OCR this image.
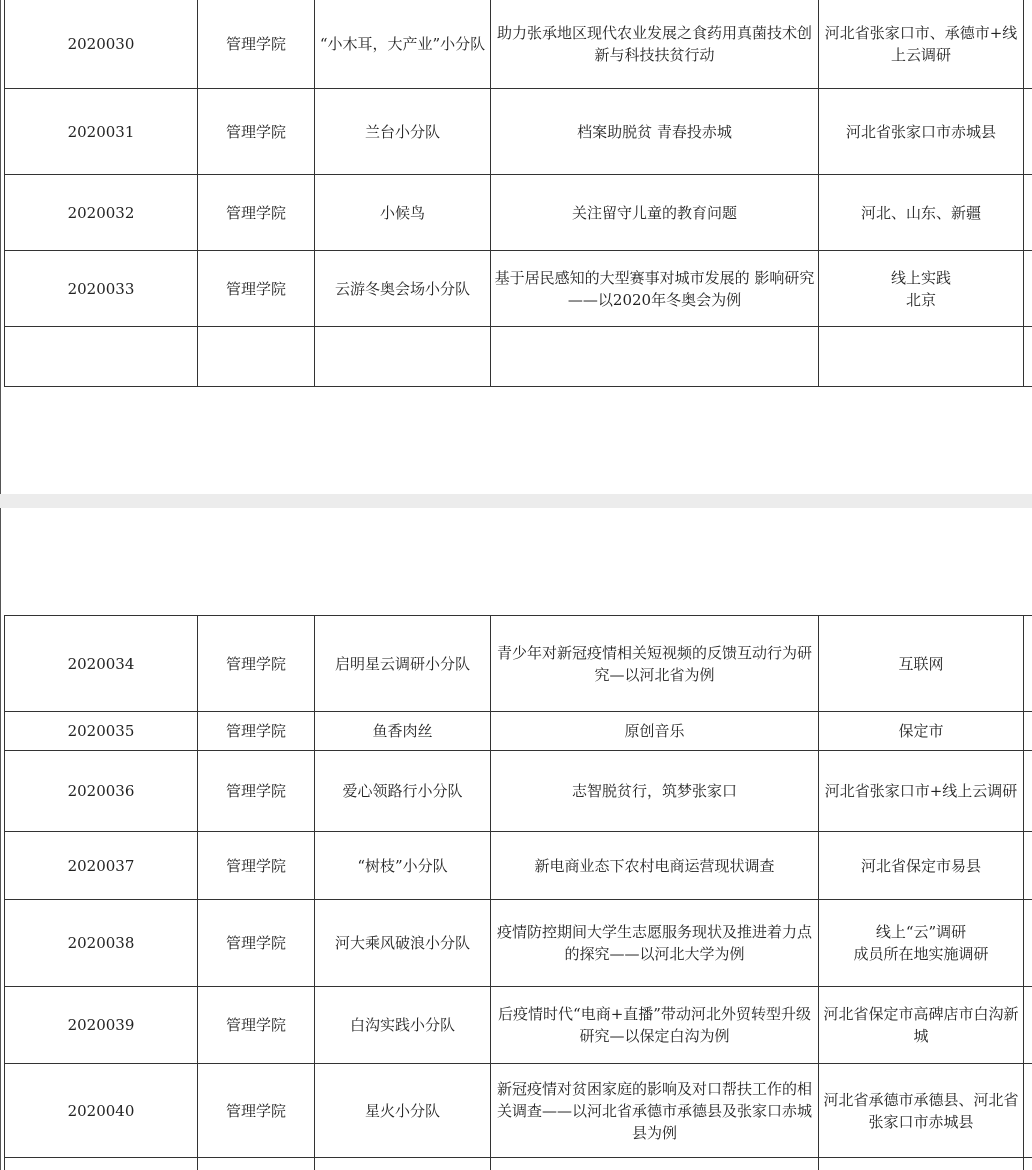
2020030	管理学院	“小木耳，大产业”小分队	助力张承地区现代农业发展之食药用真菌技术创新与科技扶贫行动	河北省张家口市、承德市+线上云调研	
2020031	管理学院	兰台小分队	档案助脱贫 青春投赤城	河北省张家口市赤城县	
2020032	管理学院	小候鸟	关注留守儿童的教育问题	河北、山东、新疆	
2020033	管理学院	云游冬奥会场小分队	基于居民感知的大型赛事对城市发展的 影响研究——以2020年冬奥会为例	线上实践
北京	

2020034	管理学院	启明星云调研小分队	青少年对新冠疫情相关短视频的反馈互动行为研究—以河北省为例	互联网	
2020035	管理学院	鱼香肉丝	原创音乐	保定市	
2020036	管理学院	爱心领路行小分队	志智脱贫行，筑梦张家口	河北省张家口市+线上云调研	
2020037	管理学院	“树枝”小分队	新电商业态下农村电商运营现状调查	河北省保定市易县	
2020038	管理学院	河大乘风破浪小分队	疫情防控期间大学生志愿服务现状及推进着力点的探究——以河北大学为例	线上“云”调研
成员所在地实施调研	
2020039	管理学院	白沟实践小分队	后疫情时代“电商+直播”带动河北外贸转型升级研究—以保定白沟为例	河北省保定市高碑店市白沟新城	
2020040	管理学院	星火小分队	新冠疫情对贫困家庭的影响及对口帮扶工作的相关调查——以河北省承德市承德县及张家口赤城县为例	河北省承德市承德县、河北省张家口市赤城县	
